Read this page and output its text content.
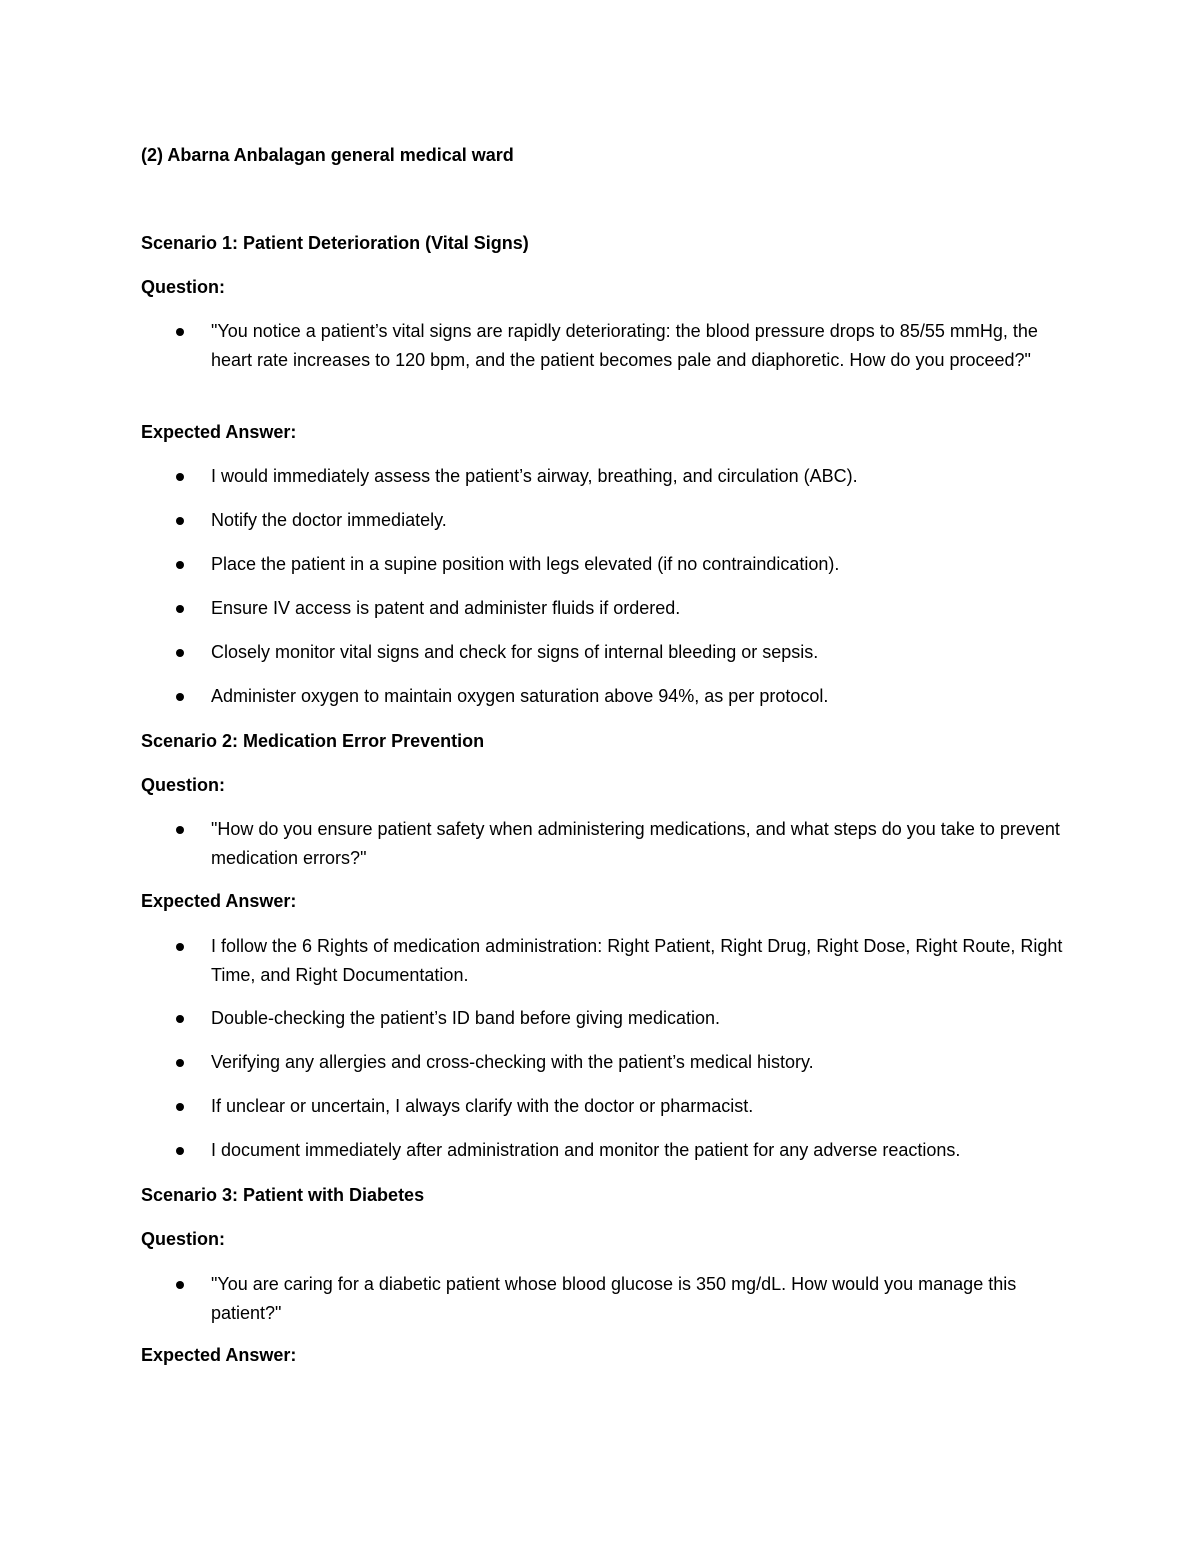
(2) Abarna Anbalagan general medical ward
Scenario 1: Patient Deterioration (Vital Signs)
Question:

"You notice a patient’s vital signs are rapidly deteriorating: the blood pressure drops to 85/55 mmHg, the heart rate increases to 120 bpm, and the patient becomes pale and diaphoretic. How do you proceed?"

Expected Answer:

I would immediately assess the patient’s airway, breathing, and circulation (ABC).

Notify the doctor immediately.

Place the patient in a supine position with legs elevated (if no contraindication).

Ensure IV access is patent and administer fluids if ordered.

Closely monitor vital signs and check for signs of internal bleeding or sepsis.

Administer oxygen to maintain oxygen saturation above 94%, as per protocol.

Scenario 2: Medication Error Prevention
Question:

"How do you ensure patient safety when administering medications, and what steps do you take to prevent medication errors?"

Expected Answer:

I follow the 6 Rights of medication administration: Right Patient, Right Drug, Right Dose, Right Route, Right Time, and Right Documentation.

Double-checking the patient’s ID band before giving medication.

Verifying any allergies and cross-checking with the patient’s medical history.

If unclear or uncertain, I always clarify with the doctor or pharmacist.

I document immediately after administration and monitor the patient for any adverse reactions.

Scenario 3: Patient with Diabetes
Question:

"You are caring for a diabetic patient whose blood glucose is 350 mg/dL. How would you manage this patient?"

Expected Answer:
